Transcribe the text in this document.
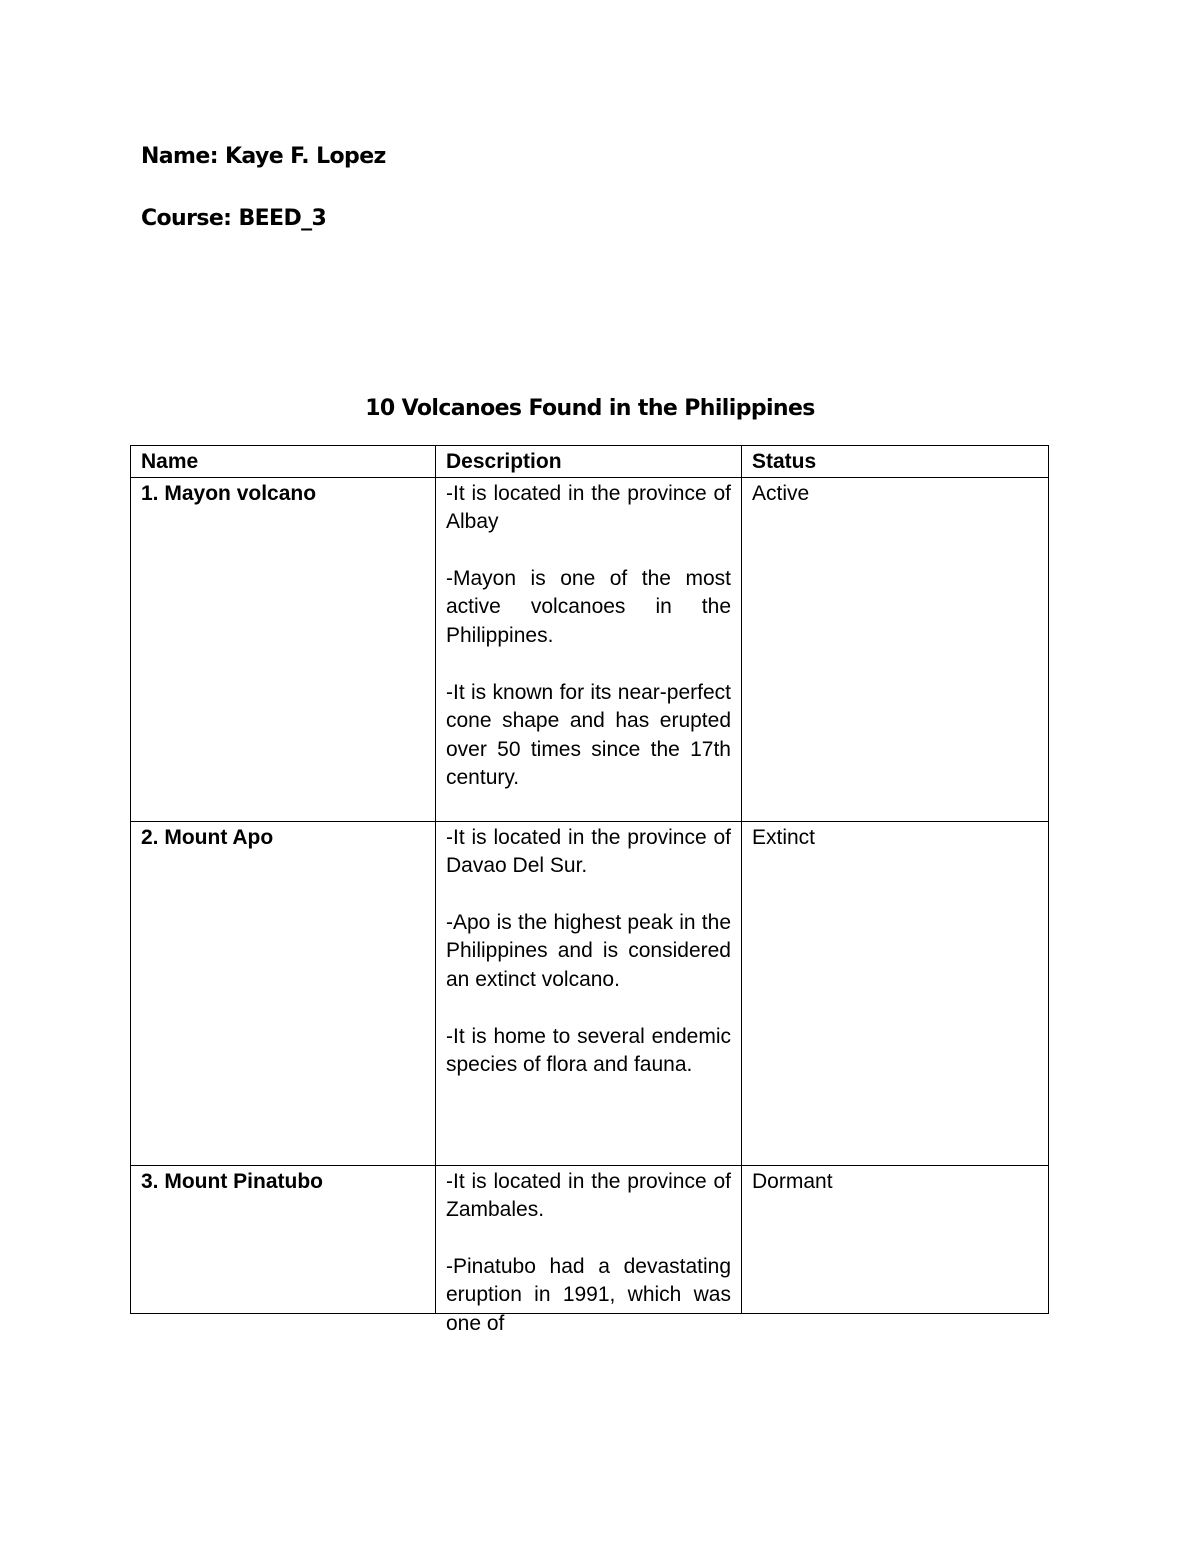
Name: Kaye F. Lopez
Course: BEED_3
10 Volcanoes Found in the Philippines
Name	Description	Status
1. Mayon volcano	-It is located in the province of Albay

-Mayon is one of the most active volcanoes in the Philippines.

-It is known for its near-perfect cone shape and has erupted over 50 times since the 17th century.	Active
2. Mount Apo	-It is located in the province of Davao Del Sur.

-Apo is the highest peak in the Philippines and is considered an extinct volcano.

-It is home to several endemic species of flora and fauna.	Extinct
3. Mount Pinatubo	-It is located in the province of Zambales.

-Pinatubo had a devastating eruption in 1991, which was one of	Dormant
